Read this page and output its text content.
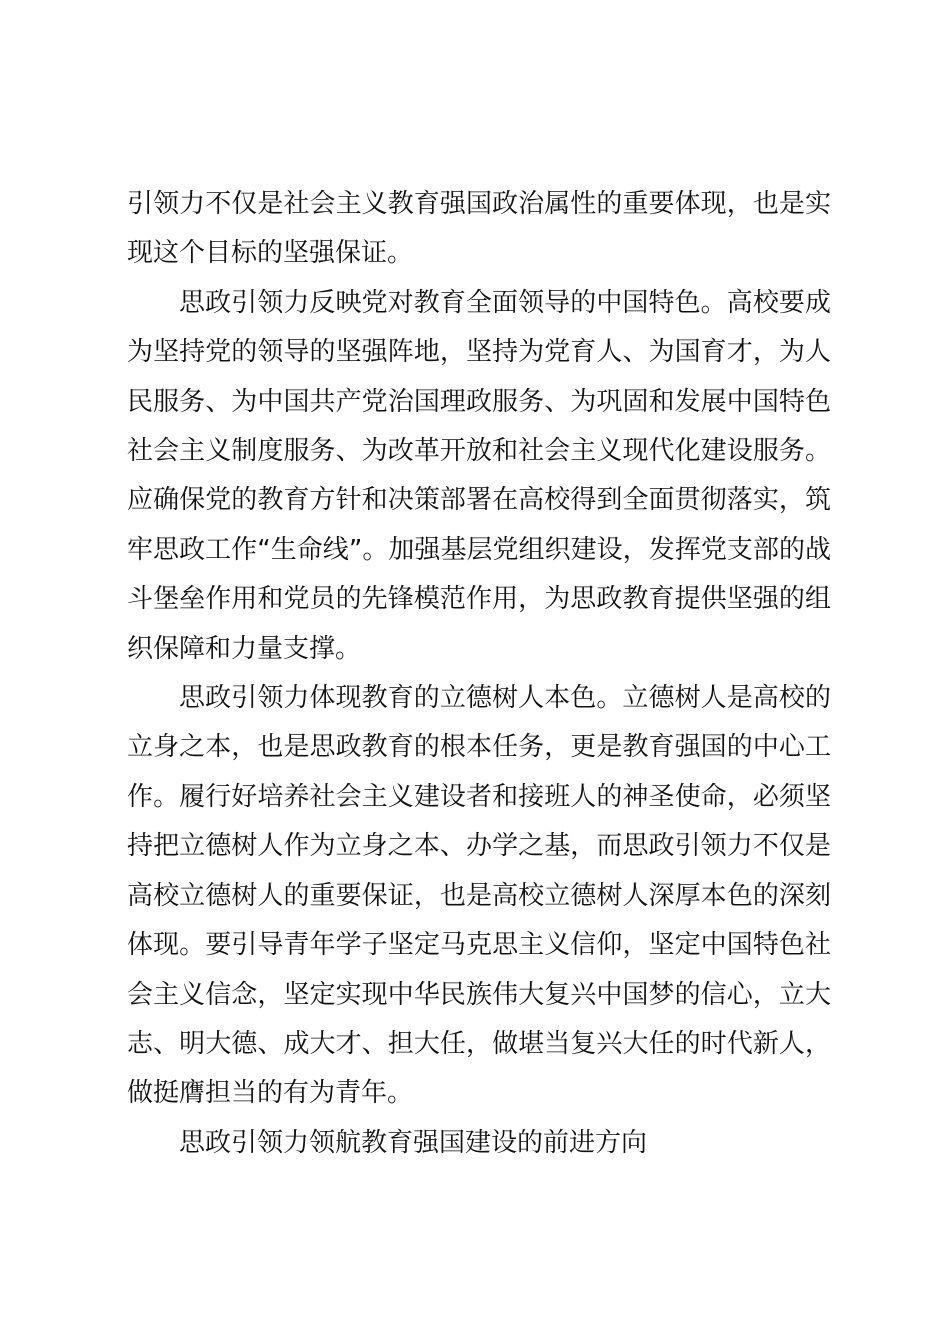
引领力不仅是社会主义教育强国政治属性的重要体现，也是实现这个目标的坚强保证。

思政引领力反映党对教育全面领导的中国特色。高校要成为坚持党的领导的坚强阵地，坚持为党育人、为国育才，为人民服务、为中国共产党治国理政服务、为巩固和发展中国特色社会主义制度服务、为改革开放和社会主义现代化建设服务。应确保党的教育方针和决策部署在高校得到全面贯彻落实，筑牢思政工作“生命线”。加强基层党组织建设，发挥党支部的战斗堡垒作用和党员的先锋模范作用，为思政教育提供坚强的组织保障和力量支撑。

思政引领力体现教育的立德树人本色。立德树人是高校的立身之本，也是思政教育的根本任务，更是教育强国的中心工作。履行好培养社会主义建设者和接班人的神圣使命，必须坚持把立德树人作为立身之本、办学之基，而思政引领力不仅是高校立德树人的重要保证，也是高校立德树人深厚本色的深刻体现。要引导青年学子坚定马克思主义信仰，坚定中国特色社会主义信念，坚定实现中华民族伟大复兴中国梦的信心，立大志、明大德、成大才、担大任，做堪当复兴大任的时代新人，做挺膺担当的有为青年。

思政引领力领航教育强国建设的前进方向
